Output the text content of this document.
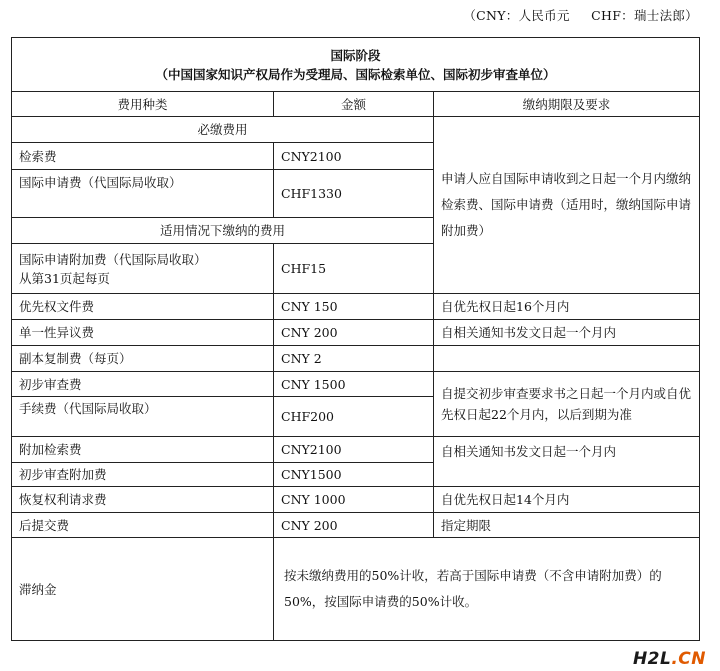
（CNY：人民币元     CHF：瑞士法郎）
国际阶段
（中国国家知识产权局作为受理局、国际检索单位、国际初步审查单位）		

费用种类	金额	缴纳期限及要求
必缴费用		申请人应自国际申请收到之日起一个月内缴纳检索费、国际申请费（适用时，缴纳国际申请附加费）
检索费	CNY2100	
国际申请费（代国际局收取）	CHF1330	
适用情况下缴纳的费用		

国际申请附加费（代国际局收取）
从第31页起每页	CHF15	
优先权文件费	CNY 150	自优先权日起16个月内
单一性异议费	CNY 200	自相关通知书发文日起一个月内
副本复制费（每页）	CNY 2	
初步审查费	CNY 1500	自提交初步审查要求书之日起一个月内或自优先权日起22个月内，以后到期为准
手续费（代国际局收取）	CHF200	
附加检索费	CNY2100	自相关通知书发文日起一个月内
初步审查附加费	CNY1500	
恢复权利请求费	CNY 1000	自优先权日起14个月内
后提交费	CNY 200	指定期限
滞纳金	按未缴纳费用的50%计收，若高于国际申请费（不含申请附加费）的50%，按国际申请费的50%计收。	
H2L.CN
